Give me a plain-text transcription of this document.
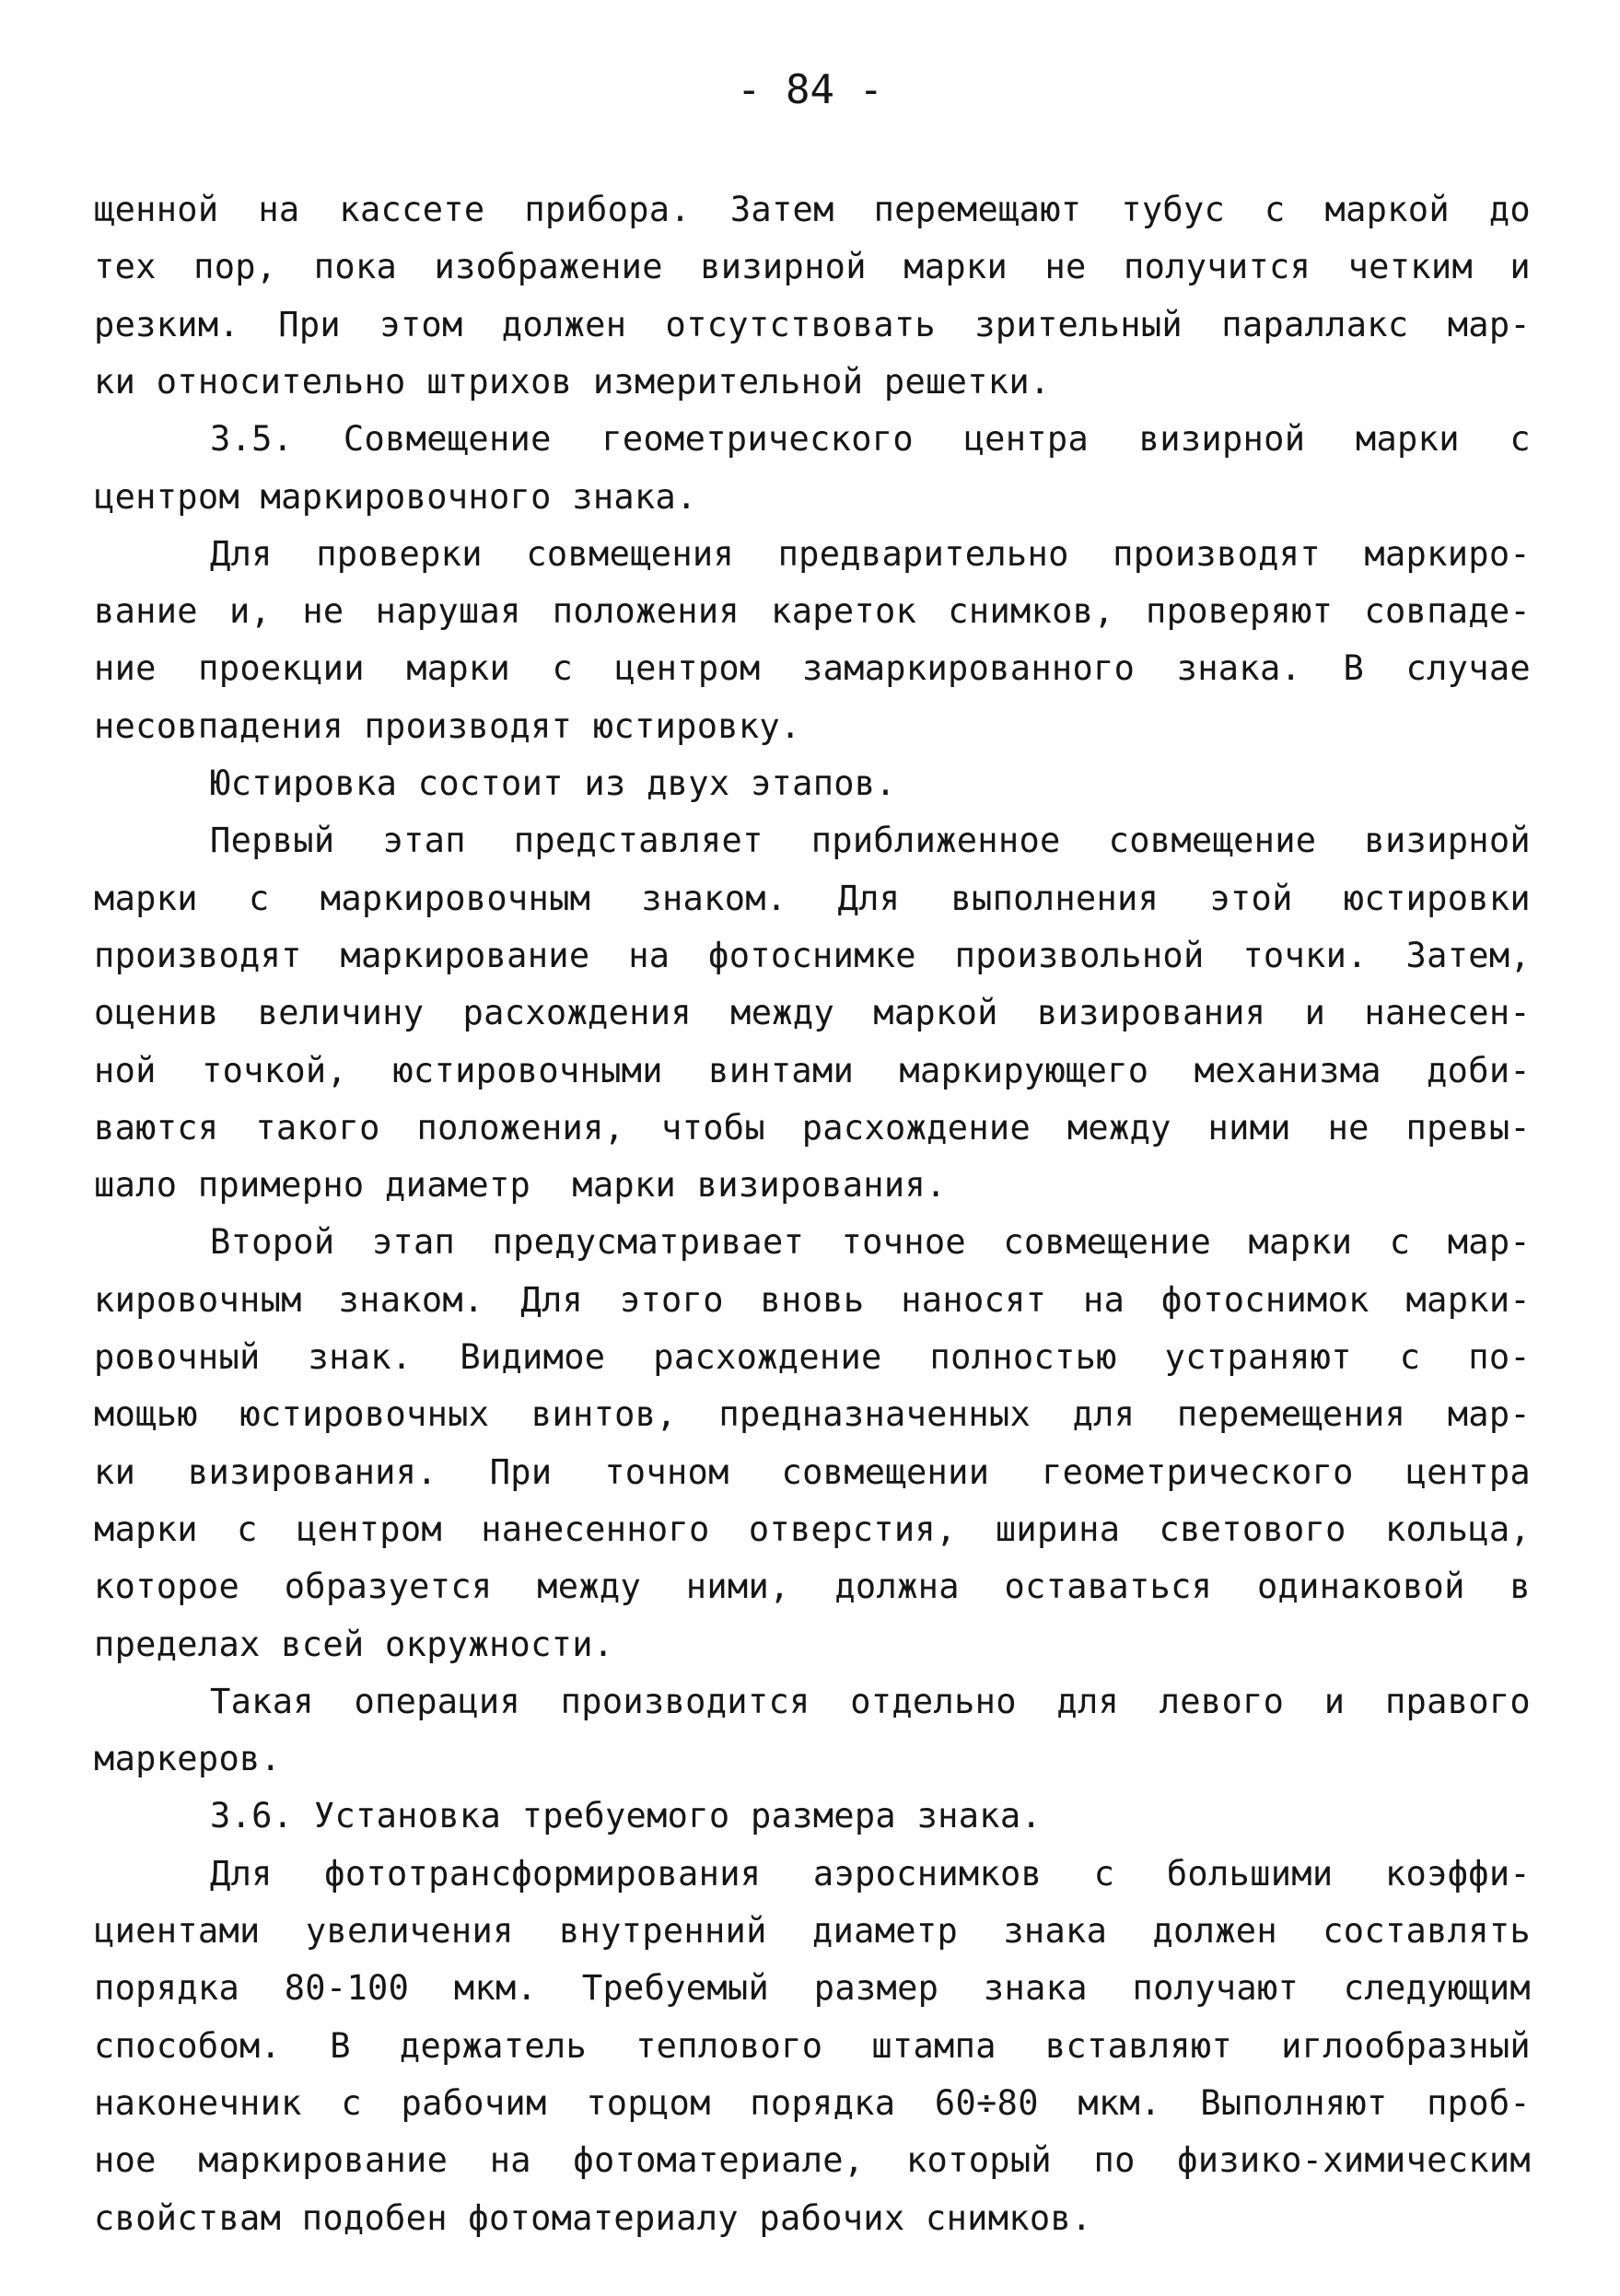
- 84 -
щенной на кассете прибора. Затем перемещают тубус с маркой до
тех пор, пока изображение визирной марки не получится четким и
резким. При этом должен отсутствовать зрительный параллакс мар-
ки относительно штрихов измерительной решетки.
3.5. Совмещение геометрического центра визирной марки с
центром маркировочного знака.
Для проверки совмещения предварительно производят маркиро-
вание и, не нарушая положения кареток снимков, проверяют совпаде-
ние проекции марки с центром замаркированного знака. В случае
несовпадения производят юстировку.
Юстировка состоит из двух этапов.
Первый этап представляет приближенное совмещение визирной
марки с маркировочным знаком. Для выполнения этой юстировки
производят маркирование на фотоснимке произвольной точки. Затем,
оценив величину расхождения между маркой визирования и нанесен-
ной точкой, юстировочными винтами маркирующего механизма доби-
ваются такого положения, чтобы расхождение между ними не превы-
шало примерно диаметр  марки визирования.
Второй этап предусматривает точное совмещение марки с мар-
кировочным знаком. Для этого вновь наносят на фотоснимок марки-
ровочный знак. Видимое расхождение полностью устраняют с по-
мощью юстировочных винтов, предназначенных для перемещения мар-
ки визирования. При точном совмещении геометрического центра
марки с центром нанесенного отверстия, ширина светового кольца,
которое образуется между ними, должна оставаться одинаковой в
пределах всей окружности.
Такая операция производится отдельно для левого и правого
маркеров.
3.6. Установка требуемого размера знака.
Для фототрансформирования аэроснимков с большими коэффи-
циентами увеличения внутренний диаметр знака должен составлять
порядка 80-100 мкм. Требуемый размер знака получают следующим
способом. В держатель теплового штампа вставляют иглообразный
наконечник с рабочим торцом порядка 60÷80 мкм. Выполняют проб-
ное маркирование на фотоматериале, который по физико-химическим
свойствам подобен фотоматериалу рабочих снимков.
